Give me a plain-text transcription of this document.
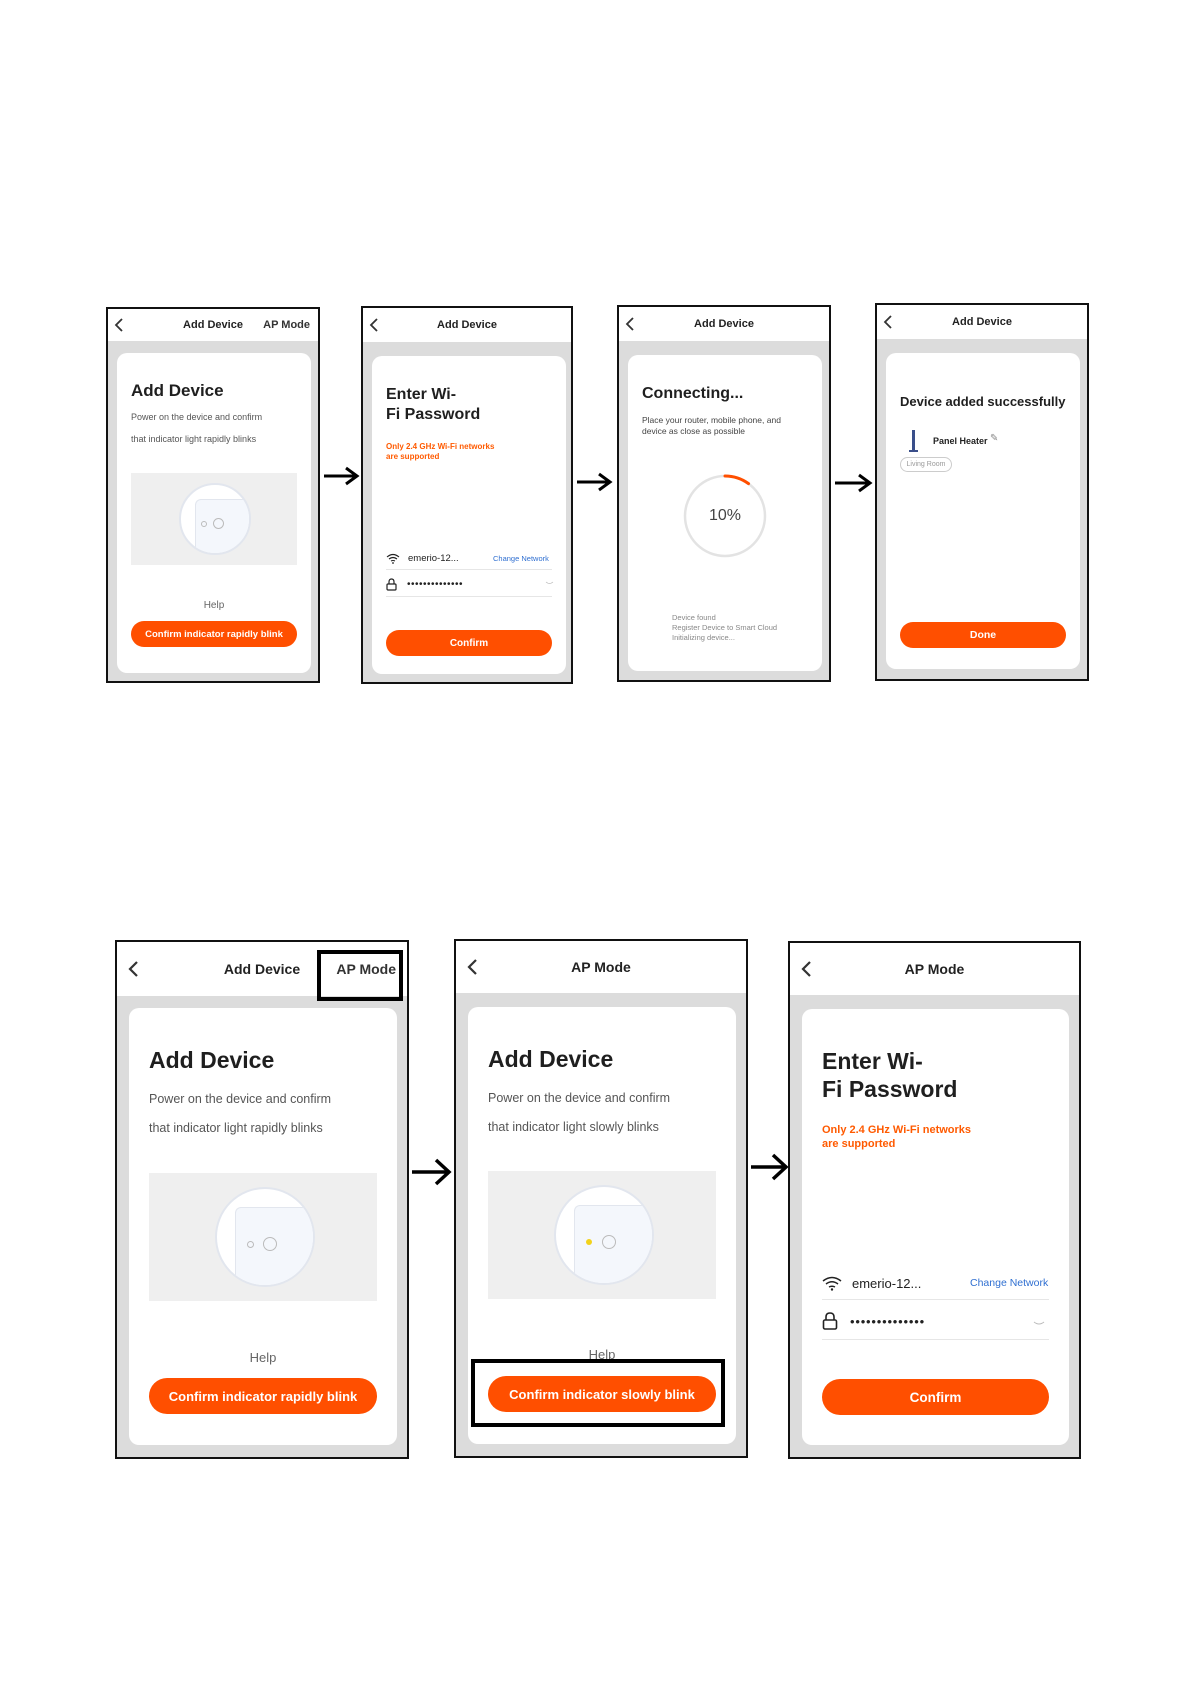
Add Device	AP Mode
Add Device
Power on the device and confirm
that indicator light rapidly blinks
Help
Confirm indicator rapidly blink
Add Device
Enter Wi-
Fi Password
Only 2.4 GHz Wi-Fi networks
are supported
emerio-12...	Change Network
••••••••••••••
Confirm
Add Device
Connecting...
Place your router, mobile phone, and
device as close as possible
10%
Device found
Register Device to Smart Cloud
Initializing device...
Add Device
Device added successfully
Panel Heater ✎
Living Room
Done
Add Device	AP Mode
Add Device
Power on the device and confirm
that indicator light rapidly blinks
Help
Confirm indicator rapidly blink
AP Mode
Add Device
Power on the device and confirm
that indicator light slowly blinks
Help
Confirm indicator slowly blink
AP Mode
Enter Wi-
Fi Password
Only 2.4 GHz Wi-Fi networks
are supported
emerio-12...	Change Network
••••••••••••••
Confirm
